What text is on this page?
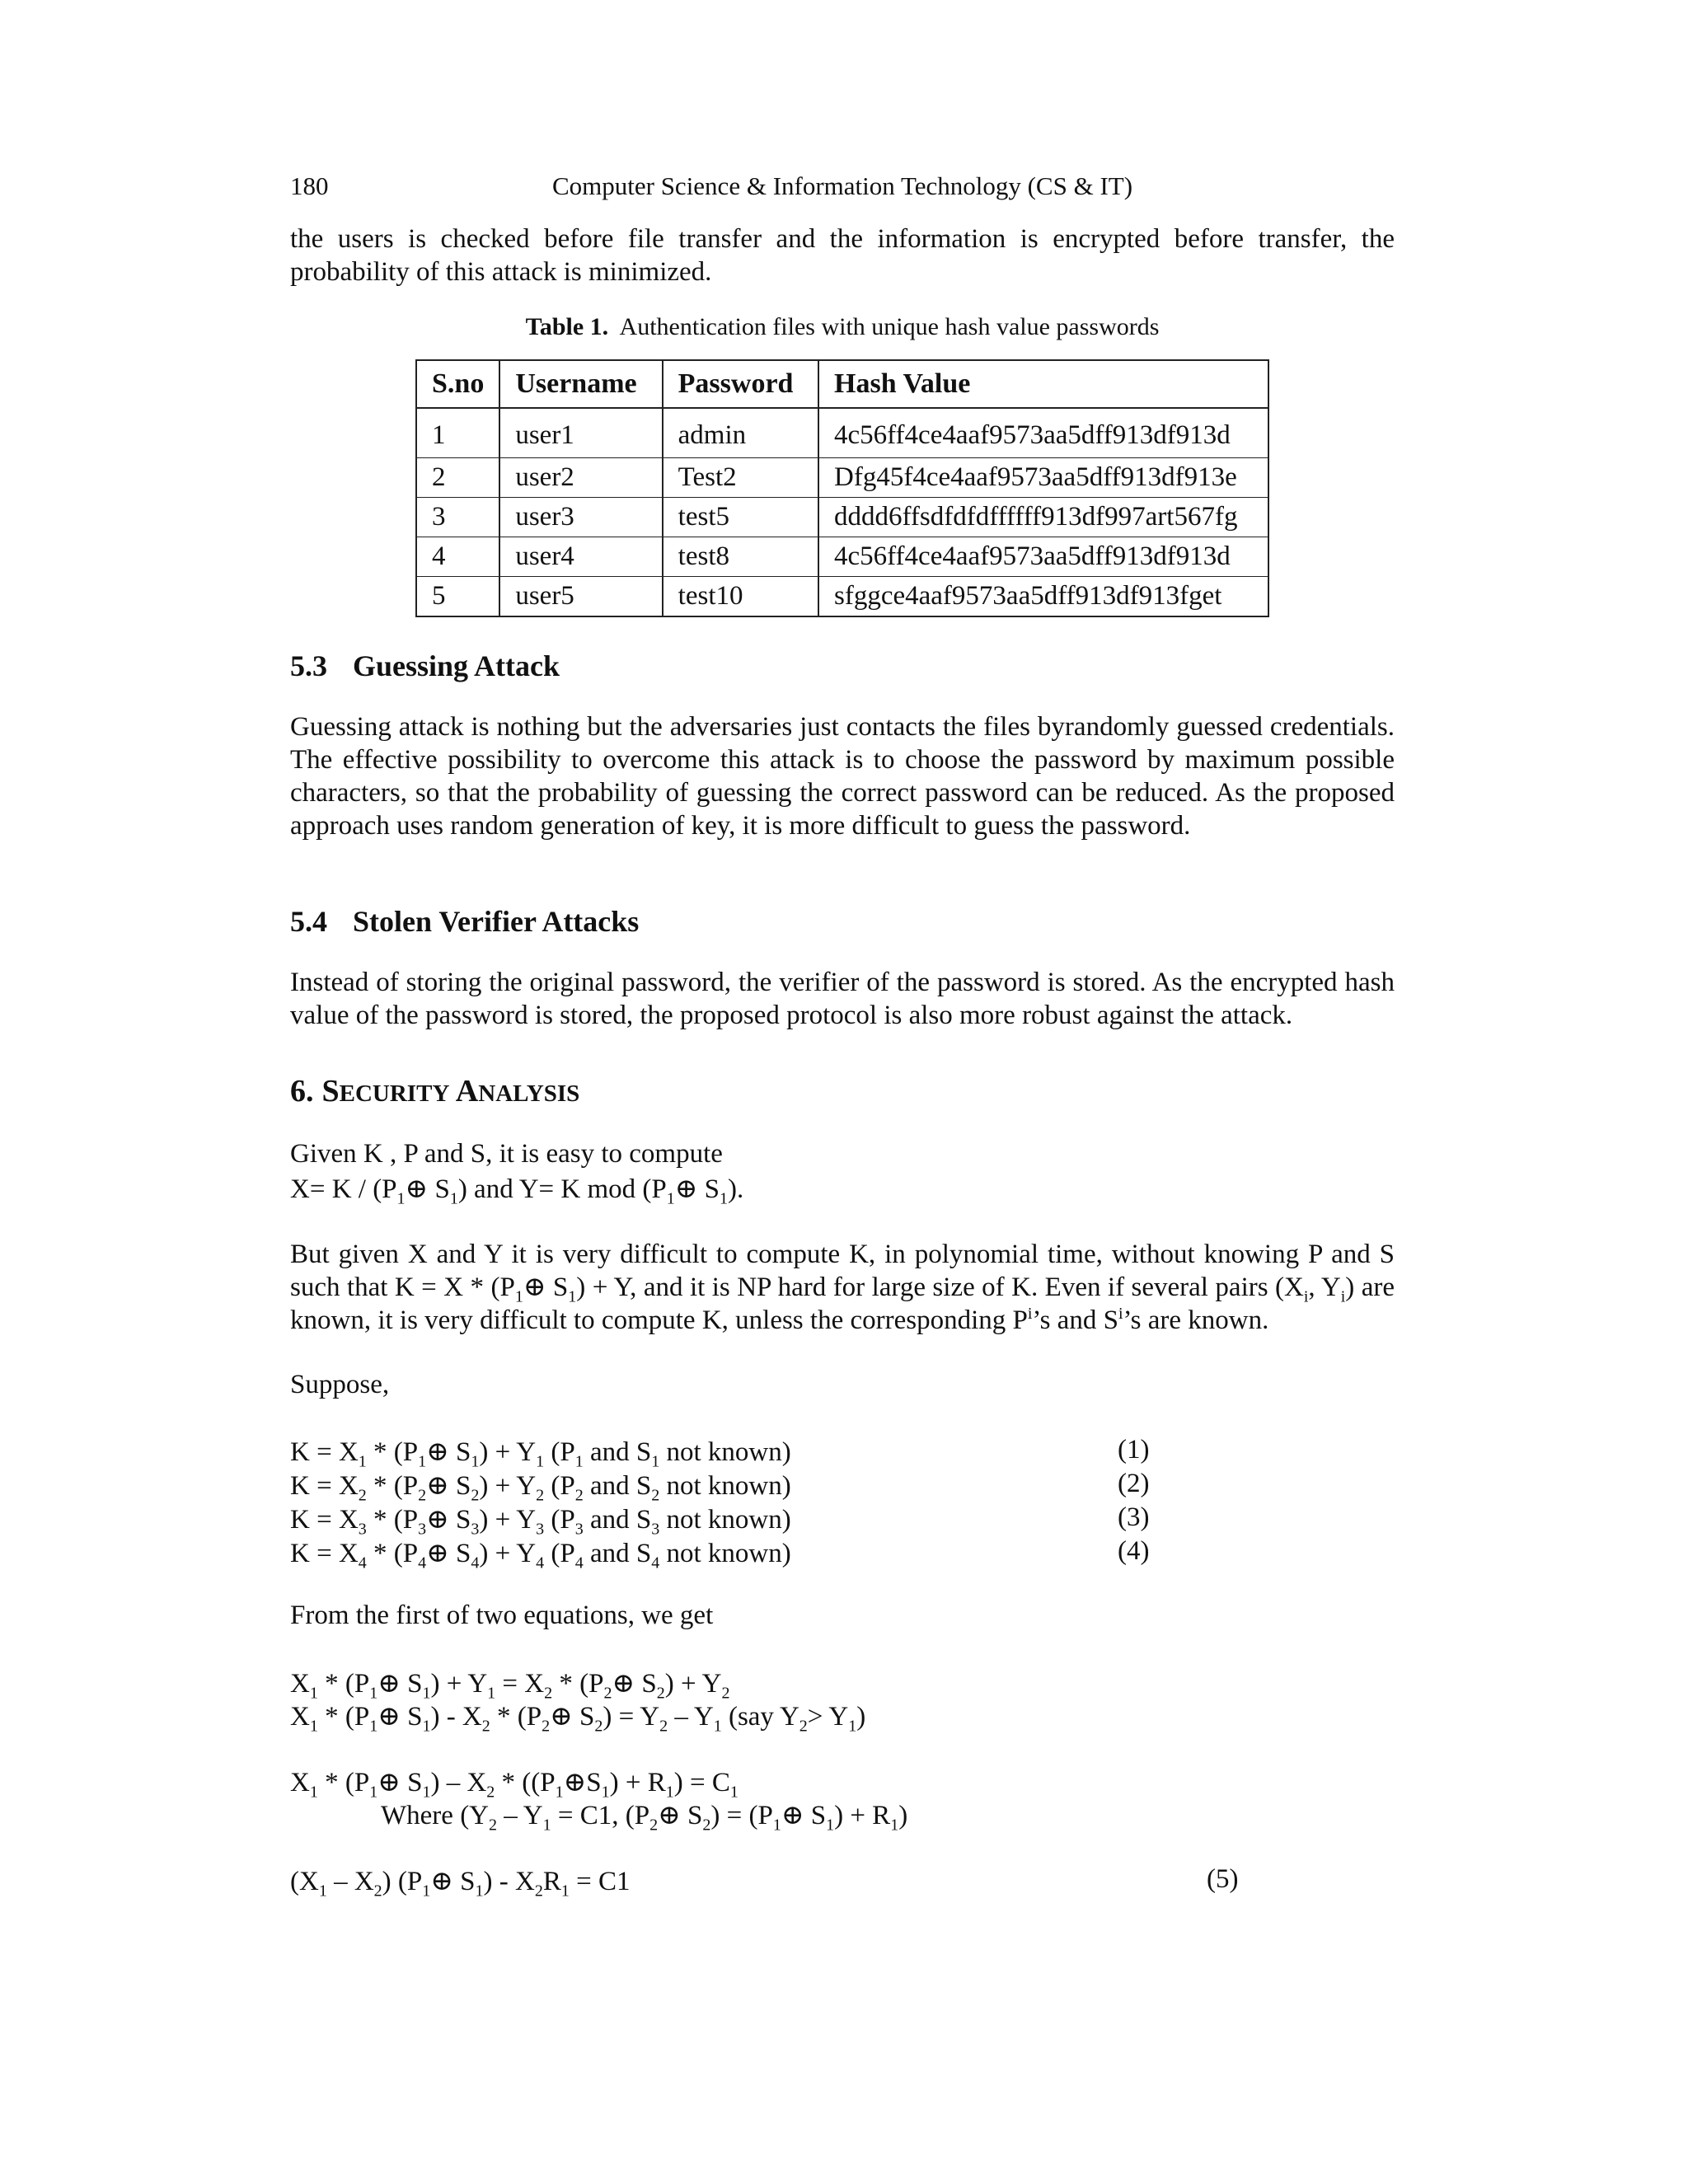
180	Computer Science & Information Technology (CS & IT)

the users is checked before file transfer and the information is encrypted before transfer, the probability of this attack is minimized.

Table 1. Authentication files with unique hash value passwords
S.no	Username	Password	Hash Value
1	user1	admin	4c56ff4ce4aaf9573aa5dff913df913d
2	user2	Test2	Dfg45f4ce4aaf9573aa5dff913df913e
3	user3	test5	dddd6ffsdfdfdffffff913df997art567fg
4	user4	test8	4c56ff4ce4aaf9573aa5dff913df913d
5	user5	test10	sfggce4aaf9573aa5dff913df913fget
5.3 Guessing Attack

Guessing attack is nothing but the adversaries just contacts the files byrandomly guessed credentials. The effective possibility to overcome this attack is to choose the password by maximum possible characters, so that the probability of guessing the correct password can be reduced. As the proposed approach uses random generation of key, it is more difficult to guess the password.

5.4 Stolen Verifier Attacks

Instead of storing the original password, the verifier of the password is stored. As the encrypted hash value of the password is stored, the proposed protocol is also more robust against the attack.

6. SECURITY ANALYSIS
Given K , P and S, it is easy to compute
$X= K / (P_1\oplus$ $S_1$) and Y= K mod ($P_1\oplus$ $S_1$).

But given X and Y it is very difficult to compute K, in polynomial time, without knowing P and S such that $K = X * (P_1\oplus$ $S_1) + Y$, and it is NP hard for large size of K. Even if several pairs ($X_i$, $Y_i$) are known, it is very difficult to compute K, unless the corresponding $P^i’s$ and $S^i’s$ are known.

Suppose,
$K = X_1$ * ($P_1\oplus$ $S_1) + Y_1$ ($P_1$ and $S_1$ not known)	(1)
$K = X_2$ * ($P_2\oplus$ $S_2) + Y_2$ ($P_2$ and $S_2$ not known)	(2)
$K = X_3$ * ($P_3\oplus$ $S_3) + Y_3$ ($P_3$ and $S_3$ not known)	(3)
$K = X_4$ * ($P_4\oplus$ $S_4) + Y_4$ ($P_4$ and $S_4$ not known)	(4)
From the first of two equations, we get
$X_1$ * ($P_1\oplus$ $S_1) + Y_1 = X_2$ * ($P_2\oplus$ $S_2) + Y_2$
$X_1$ * ($P_1\oplus$ $S_1) - X_2$ * ($P_2\oplus$ $S_2) = Y_2 - Y_1$ (say $Y_2> Y_1$)
$X_1$ * ($P_1\oplus$ $S_1) - X_2$ * $((P_1\oplus S_1) + R_1) = C_1$
Where ($Y_2 - Y_1 = C1$, ($P_2\oplus$ $S_2$) = ($P_1\oplus$ $S_1) + R_1$)
$(X_1 - X_2)$ ($P_1\oplus$ $S_1) - X_2R_1 = C1$	(5)
